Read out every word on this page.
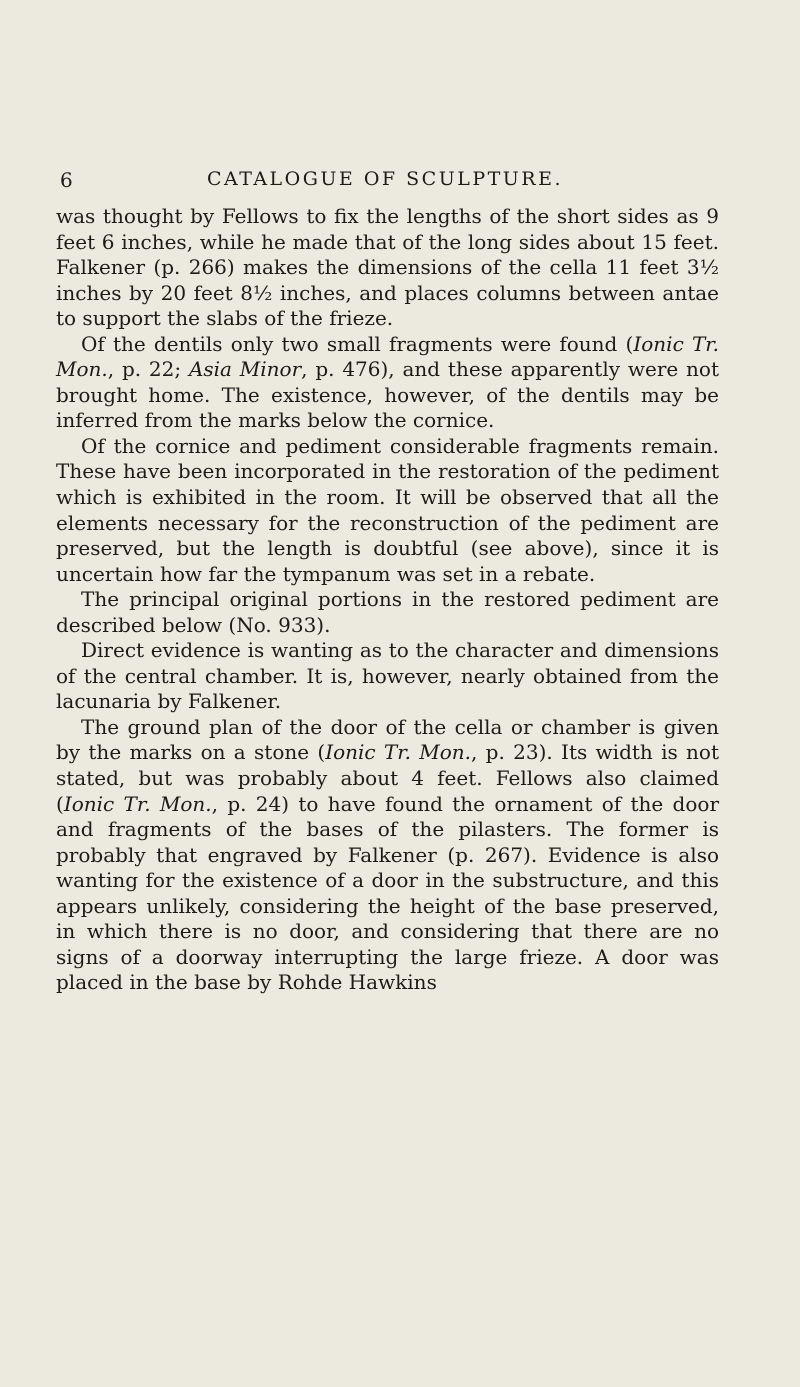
6	CATALOGUE OF SCULPTURE.

was thought by Fellows to fix the lengths of the short sides as 9 feet 6 inches, while he made that of the long sides about 15 feet. Falkener (p. 266) makes the dimensions of the cella 11 feet 3½ inches by 20 feet 8½ inches, and places columns between antae to support the slabs of the frieze.

Of the dentils only two small fragments were found (Ionic Tr. Mon., p. 22; Asia Minor, p. 476), and these apparently were not brought home. The existence, however, of the dentils may be inferred from the marks below the cornice.

Of the cornice and pediment considerable fragments remain. These have been incorporated in the restoration of the pediment which is exhibited in the room. It will be observed that all the elements necessary for the reconstruction of the pediment are preserved, but the length is doubtful (see above), since it is uncertain how far the tympanum was set in a rebate.

The principal original portions in the restored pediment are described below (No. 933).

Direct evidence is wanting as to the character and dimensions of the central chamber. It is, however, nearly obtained from the lacunaria by Falkener.

The ground plan of the door of the cella or chamber is given by the marks on a stone (Ionic Tr. Mon., p. 23). Its width is not stated, but was probably about 4 feet. Fellows also claimed (Ionic Tr. Mon., p. 24) to have found the ornament of the door and fragments of the bases of the pilasters. The former is probably that engraved by Falkener (p. 267). Evidence is also wanting for the existence of a door in the substructure, and this appears unlikely, considering the height of the base preserved, in which there is no door, and considering that there are no signs of a doorway interrupting the large frieze. A door was placed in the base by Rohde Hawkins
